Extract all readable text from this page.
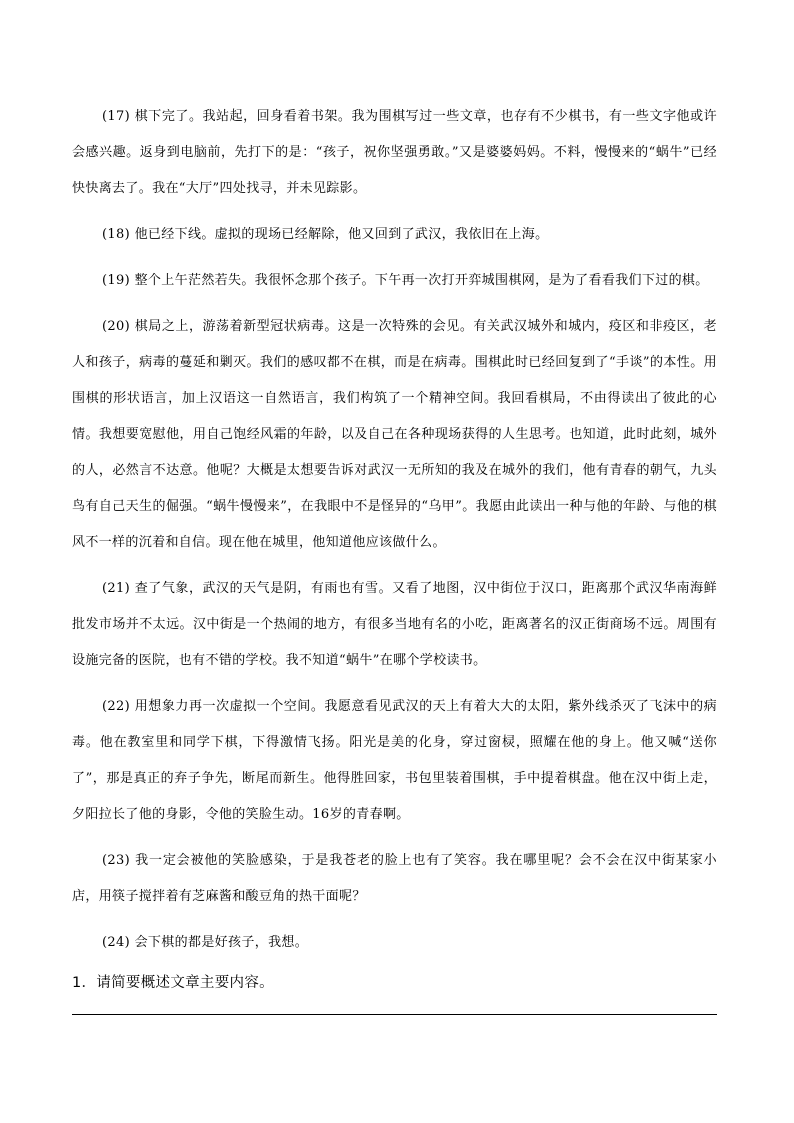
(17) 棋下完了。我站起，回身看着书架。我为围棋写过一些文章，也存有不少棋书，有一些文字他或许会感兴趣。返身到电脑前，先打下的是：“孩子，祝你坚强勇敢。”又是婆婆妈妈。不料，慢慢来的“蜗牛”已经快快离去了。我在“大厅”四处找寻，并未见踪影。

(18) 他已经下线。虚拟的现场已经解除，他又回到了武汉，我依旧在上海。

(19) 整个上午茫然若失。我很怀念那个孩子。下午再一次打开弈城围棋网，是为了看看我们下过的棋。

(20) 棋局之上，游荡着新型冠状病毒。这是一次特殊的会见。有关武汉城外和城内，疫区和非疫区，老人和孩子，病毒的蔓延和剿灭。我们的感叹都不在棋，而是在病毒。围棋此时已经回复到了“手谈”的本性。用围棋的形状语言，加上汉语这一自然语言，我们构筑了一个精神空间。我回看棋局，不由得读出了彼此的心情。我想要宽慰他，用自己饱经风霜的年龄，以及自己在各种现场获得的人生思考。也知道，此时此刻，城外的人，必然言不达意。他呢？大概是太想要告诉对武汉一无所知的我及在城外的我们，他有青春的朝气，九头鸟有自己天生的倔强。“蜗牛慢慢来”，在我眼中不是怪异的“乌甲”。我愿由此读出一种与他的年龄、与他的棋风不一样的沉着和自信。现在他在城里，他知道他应该做什么。

(21) 查了气象，武汉的天气是阴，有雨也有雪。又看了地图，汉中街位于汉口，距离那个武汉华南海鲜批发市场并不太远。汉中街是一个热闹的地方，有很多当地有名的小吃，距离著名的汉正街商场不远。周围有设施完备的医院，也有不错的学校。我不知道“蜗牛”在哪个学校读书。

(22) 用想象力再一次虚拟一个空间。我愿意看见武汉的天上有着大大的太阳，紫外线杀灭了飞沫中的病毒。他在教室里和同学下棋，下得激情飞扬。阳光是美的化身，穿过窗棂，照耀在他的身上。他又喊“送你了”，那是真正的弃子争先，断尾而新生。他得胜回家，书包里装着围棋，手中提着棋盘。他在汉中街上走，夕阳拉长了他的身影，令他的笑脸生动。16岁的青春啊。

(23) 我一定会被他的笑脸感染，于是我苍老的脸上也有了笑容。我在哪里呢？会不会在汉中街某家小店，用筷子搅拌着有芝麻酱和酸豆角的热干面呢？

(24) 会下棋的都是好孩子，我想。

1．请简要概述文章主要内容。
